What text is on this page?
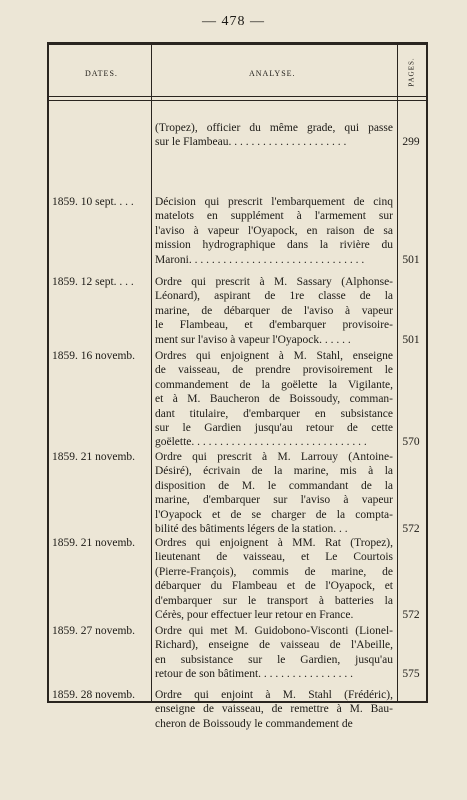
— 478 —
DATES.	ANALYSE.	PAGES.
(Tropez), officier du même grade, qui passe
sur le Flambeau. . . . . . . . . . . . . . . . . . . . .	299
1859. 10 sept. . . .	Décision qui prescrit l'embarquement de cinq
matelots en supplément à l'armement sur
l'aviso à vapeur l'Oyapock, en raison de sa
mission hydrographique dans la rivière du
Maroni. . . . . . . . . . . . . . . . . . . . . . . . . . . . . . .	501
1859. 12 sept. . . .	Ordre qui prescrit à M. Sassary (Alphonse-
Léonard), aspirant de 1re classe de la
marine, de débarquer de l'aviso à vapeur
le Flambeau, et d'embarquer provisoire-
ment sur l'aviso à vapeur l'Oyapock. . . . . .	501
1859. 16 novemb.	Ordres qui enjoignent à M. Stahl, enseigne
de vaisseau, de prendre provisoirement le
commandement de la goëlette la Vigilante,
et à M. Baucheron de Boissoudy, comman-
dant titulaire, d'embarquer en subsistance
sur le Gardien jusqu'au retour de cette
goëlette. . . . . . . . . . . . . . . . . . . . . . . . . . . . . . .	570
1859. 21 novemb.	Ordre qui prescrit à M. Larrouy (Antoine-
Désiré), écrivain de la marine, mis à la
disposition de M. le commandant de la
marine, d'embarquer sur l'aviso à vapeur
l'Oyapock et de se charger de la compta-
bilité des bâtiments légers de la station. . .	572
1859. 21 novemb.	Ordres qui enjoignent à MM. Rat (Tropez),
lieutenant de vaisseau, et Le Courtois
(Pierre-François), commis de marine, de
débarquer du Flambeau et de l'Oyapock, et
d'embarquer sur le transport à batteries la
Cérès, pour effectuer leur retour en France.	572
1859. 27 novemb.	Ordre qui met M. Guidobono-Visconti (Lionel-
Richard), enseigne de vaisseau de l'Abeille,
en subsistance sur le Gardien, jusqu'au
retour de son bâtiment. . . . . . . . . . . . . . . . .	575
1859. 28 novemb.	Ordre qui enjoint à M. Stahl (Frédéric),
enseigne de vaisseau, de remettre à M. Bau-
cheron de Boissoudy le commandement de
